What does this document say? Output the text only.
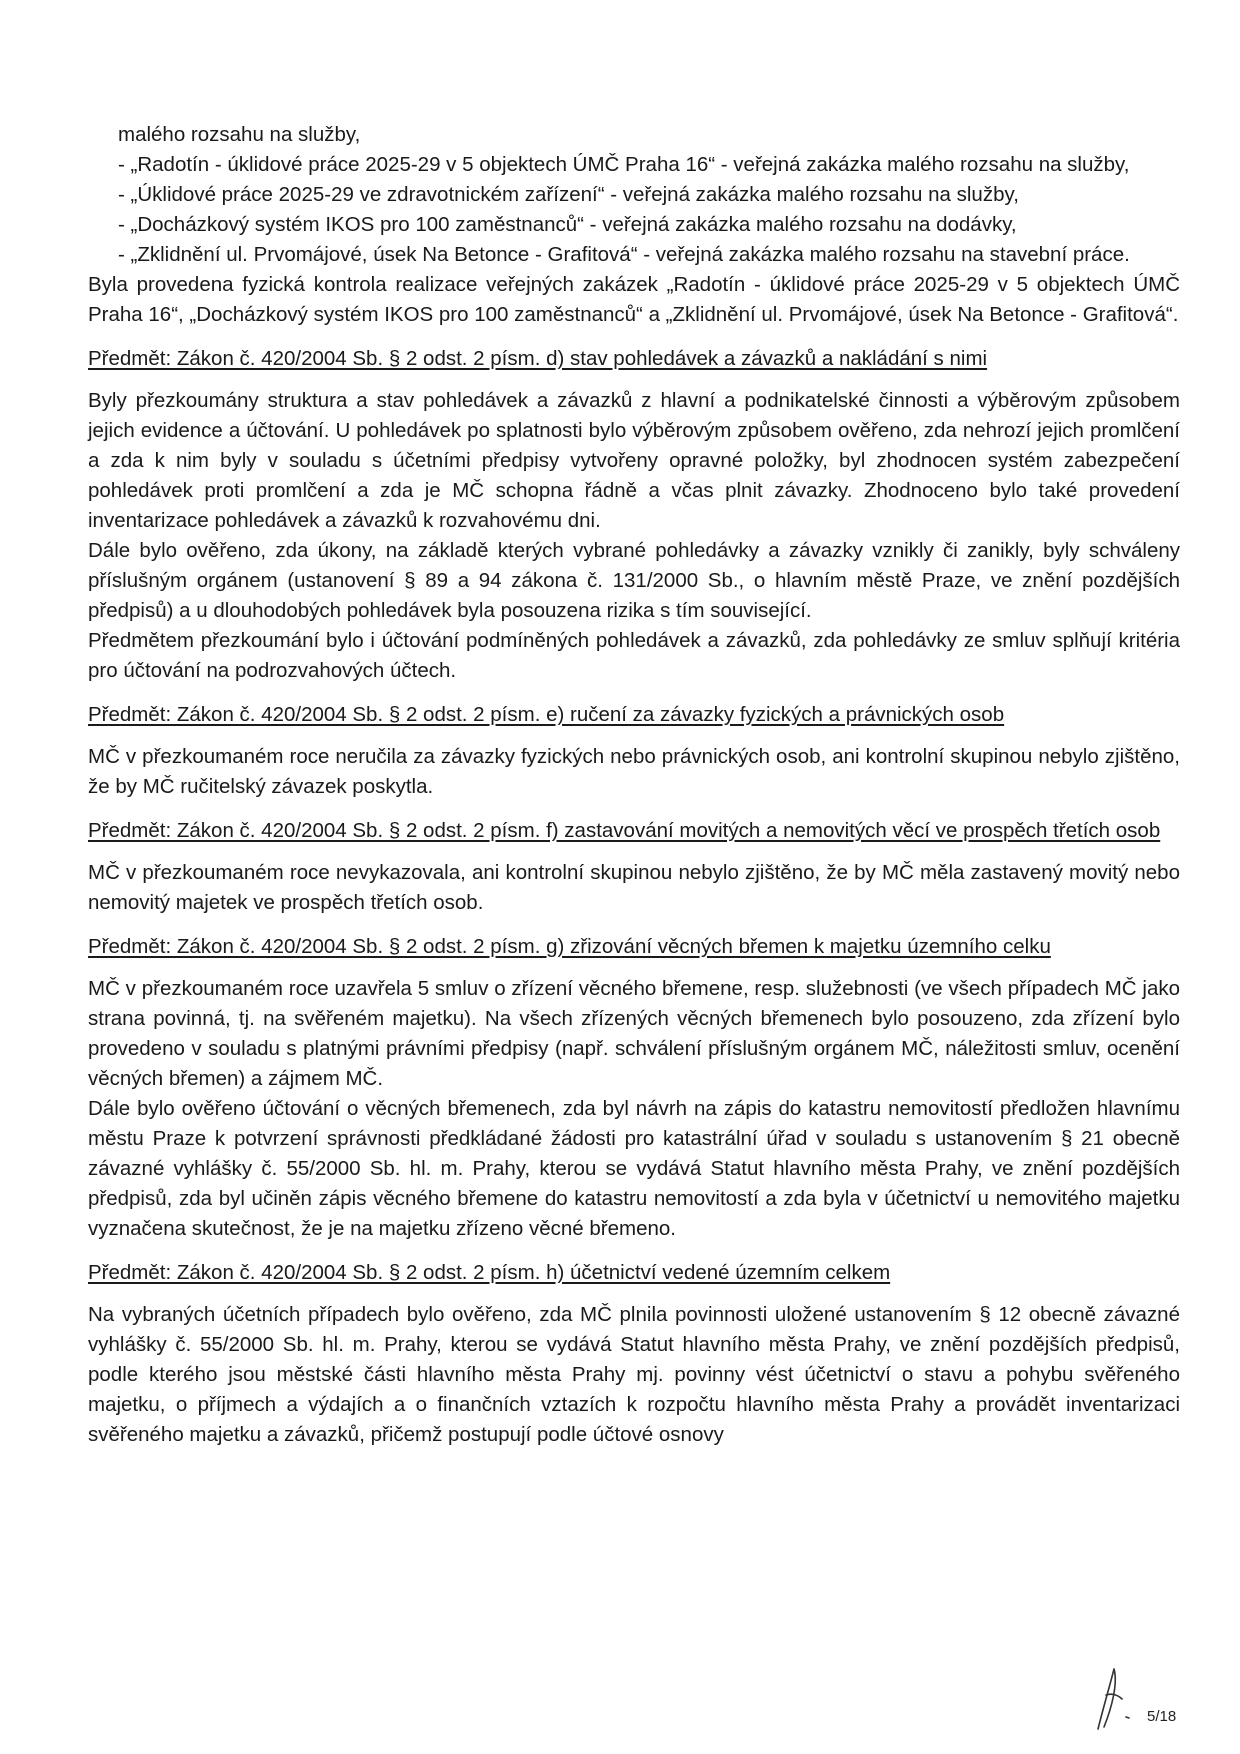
malého rozsahu na služby,

- „Radotín - úklidové práce 2025-29 v 5 objektech ÚMČ Praha 16“ - veřejná zakázka malého rozsahu na služby,

- „Úklidové práce 2025-29 ve zdravotnickém zařízení“ - veřejná zakázka malého rozsahu na služby,

- „Docházkový systém IKOS pro 100 zaměstnanců“ - veřejná zakázka malého rozsahu na dodávky,

- „Zklidnění ul. Prvomájové, úsek Na Betonce - Grafitová“ - veřejná zakázka malého rozsahu na stavební práce.

Byla provedena fyzická kontrola realizace veřejných zakázek „Radotín - úklidové práce 2025-29 v 5 objektech ÚMČ Praha 16“, „Docházkový systém IKOS pro 100 zaměstnanců“ a „Zklidnění ul. Prvomájové, úsek Na Betonce - Grafitová“.

Předmět: Zákon č. 420/2004 Sb. § 2 odst. 2 písm. d) stav pohledávek a závazků a nakládání s nimi

Byly přezkoumány struktura a stav pohledávek a závazků z hlavní a podnikatelské činnosti a výběrovým způsobem jejich evidence a účtování. U pohledávek po splatnosti bylo výběrovým způsobem ověřeno, zda nehrozí jejich promlčení a zda k nim byly v souladu s účetními předpisy vytvořeny opravné položky, byl zhodnocen systém zabezpečení pohledávek proti promlčení a zda je MČ schopna řádně a včas plnit závazky. Zhodnoceno bylo také provedení inventarizace pohledávek a závazků k rozvahovému dni.

Dále bylo ověřeno, zda úkony, na základě kterých vybrané pohledávky a závazky vznikly či zanikly, byly schváleny příslušným orgánem (ustanovení § 89 a 94 zákona č. 131/2000 Sb., o hlavním městě Praze, ve znění pozdějších předpisů) a u dlouhodobých pohledávek byla posouzena rizika s tím související.

Předmětem přezkoumání bylo i účtování podmíněných pohledávek a závazků, zda pohledávky ze smluv splňují kritéria pro účtování na podrozvahových účtech.

Předmět: Zákon č. 420/2004 Sb. § 2 odst. 2 písm. e) ručení za závazky fyzických a právnických osob

MČ v přezkoumaném roce neručila za závazky fyzických nebo právnických osob, ani kontrolní skupinou nebylo zjištěno, že by MČ ručitelský závazek poskytla.

Předmět: Zákon č. 420/2004 Sb. § 2 odst. 2 písm. f) zastavování movitých a nemovitých věcí ve prospěch třetích osob

MČ v přezkoumaném roce nevykazovala, ani kontrolní skupinou nebylo zjištěno, že by MČ měla zastavený movitý nebo nemovitý majetek ve prospěch třetích osob.

Předmět: Zákon č. 420/2004 Sb. § 2 odst. 2 písm. g) zřizování věcných břemen k majetku územního celku

MČ v přezkoumaném roce uzavřela 5 smluv o zřízení věcného břemene, resp. služebnosti (ve všech případech MČ jako strana povinná, tj. na svěřeném majetku). Na všech zřízených věcných břemenech bylo posouzeno, zda zřízení bylo provedeno v souladu s platnými právními předpisy (např. schválení příslušným orgánem MČ, náležitosti smluv, ocenění věcných břemen) a zájmem MČ.

Dále bylo ověřeno účtování o věcných břemenech, zda byl návrh na zápis do katastru nemovitostí předložen hlavnímu městu Praze k potvrzení správnosti předkládané žádosti pro katastrální úřad v souladu s ustanovením § 21 obecně závazné vyhlášky č. 55/2000 Sb. hl. m. Prahy, kterou se vydává Statut hlavního města Prahy, ve znění pozdějších předpisů, zda byl učiněn zápis věcného břemene do katastru nemovitostí a zda byla v účetnictví u nemovitého majetku vyznačena skutečnost, že je na majetku zřízeno věcné břemeno.

Předmět: Zákon č. 420/2004 Sb. § 2 odst. 2 písm. h) účetnictví vedené územním celkem

Na vybraných účetních případech bylo ověřeno, zda MČ plnila povinnosti uložené ustanovením § 12 obecně závazné vyhlášky č. 55/2000 Sb. hl. m. Prahy, kterou se vydává Statut hlavního města Prahy, ve znění pozdějších předpisů, podle kterého jsou městské části hlavního města Prahy mj. povinny vést účetnictví o stavu a pohybu svěřeného majetku, o příjmech a výdajích a o finančních vztazích k rozpočtu hlavního města Prahy a provádět inventarizaci svěřeného majetku a závazků, přičemž postupují podle účtové osnovy

5/18
